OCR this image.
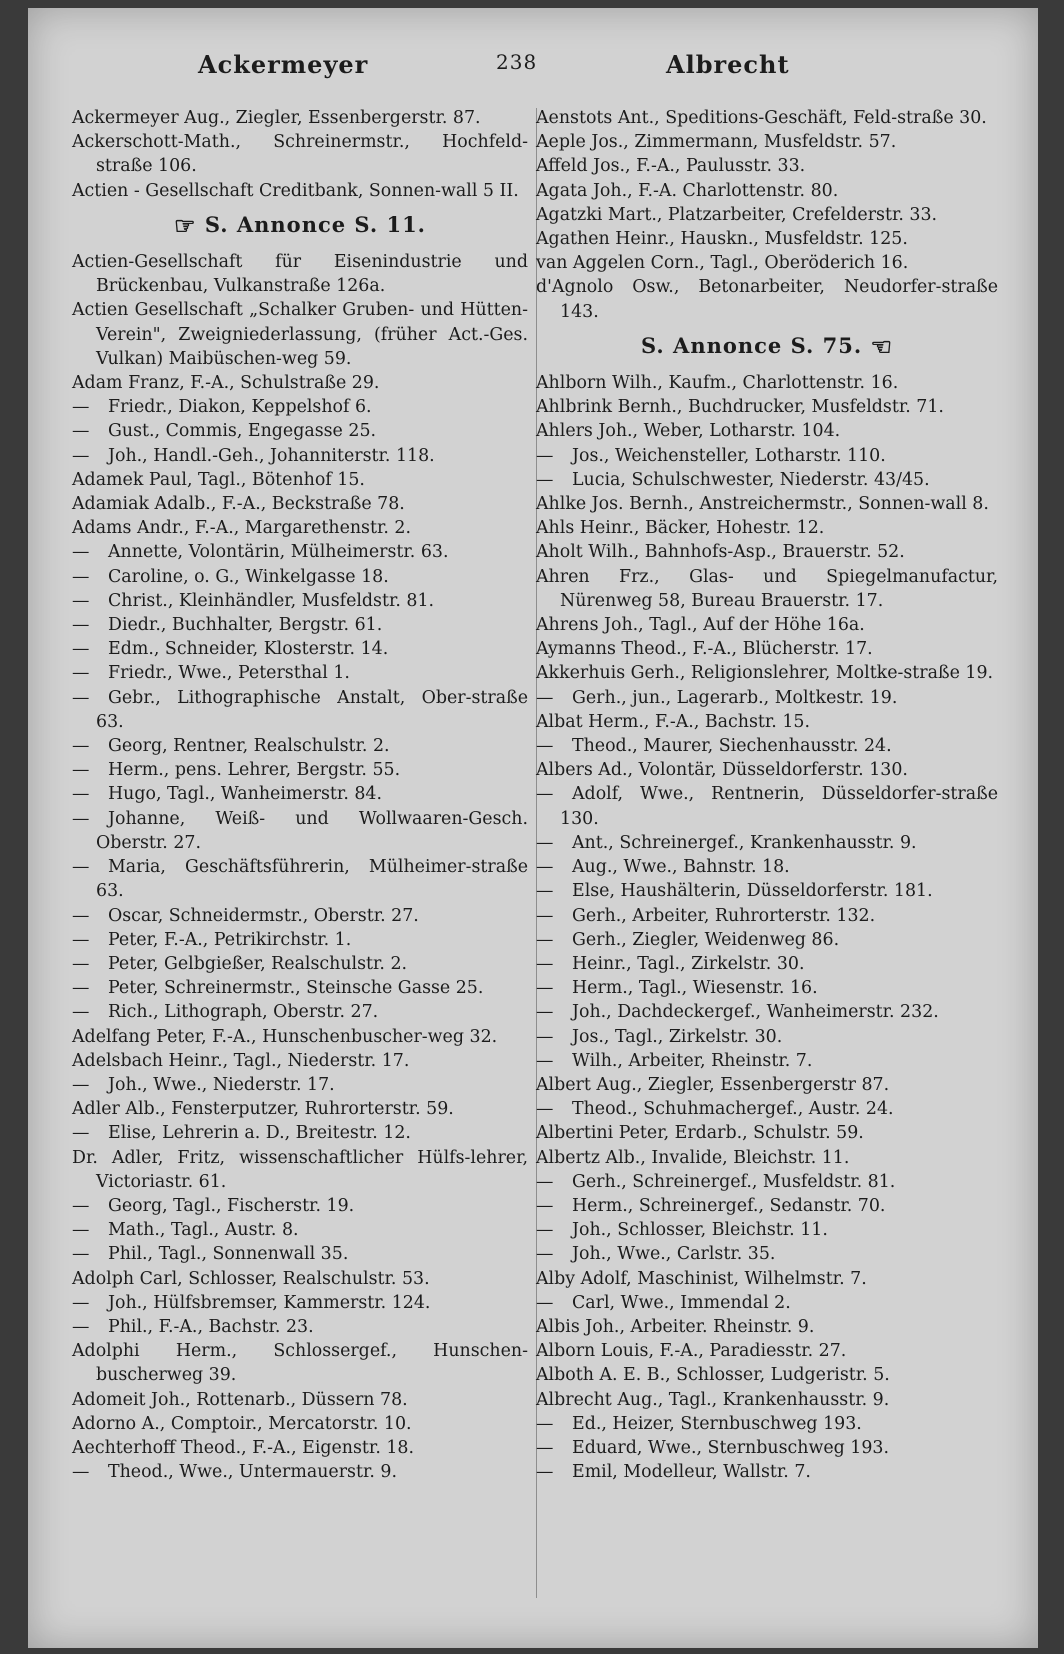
Ackermeyer	238	Albrecht

Ackermeyer Aug., Ziegler, Essenbergerstr. 87.

Ackerschott-Math., Schreinermstr., Hochfeld-straße 106.

Actien - Gesellschaft Creditbank, Sonnen-wall 5 II.

☞ S. Annonce S. 11.

Actien-Gesellschaft für Eisenindustrie und Brückenbau, Vulkanstraße 126a.

Actien Gesellschaft „Schalker Gruben- und Hütten-Verein", Zweigniederlassung, (früher Act.-Ges. Vulkan) Maibüschen-weg 59.

Adam Franz, F.-A., Schulstraße 29.

— Friedr., Diakon, Keppelshof 6.

— Gust., Commis, Engegasse 25.

— Joh., Handl.-Geh., Johanniterstr. 118.

Adamek Paul, Tagl., Bötenhof 15.

Adamiak Adalb., F.-A., Beckstraße 78.

Adams Andr., F.-A., Margarethenstr. 2.

— Annette, Volontärin, Mülheimerstr. 63.

— Caroline, o. G., Winkelgasse 18.

— Christ., Kleinhändler, Musfeldstr. 81.

— Diedr., Buchhalter, Bergstr. 61.

— Edm., Schneider, Klosterstr. 14.

— Friedr., Wwe., Petersthal 1.

— Gebr., Lithographische Anstalt, Ober-straße 63.

— Georg, Rentner, Realschulstr. 2.

— Herm., pens. Lehrer, Bergstr. 55.

— Hugo, Tagl., Wanheimerstr. 84.

— Johanne, Weiß- und Wollwaaren-Gesch. Oberstr. 27.

— Maria, Geschäftsführerin, Mülheimer-straße 63.

— Oscar, Schneidermstr., Oberstr. 27.

— Peter, F.-A., Petrikirchstr. 1.

— Peter, Gelbgießer, Realschulstr. 2.

— Peter, Schreinermstr., Steinsche Gasse 25.

— Rich., Lithograph, Oberstr. 27.

Adelfang Peter, F.-A., Hunschenbuscher-weg 32.

Adelsbach Heinr., Tagl., Niederstr. 17.

— Joh., Wwe., Niederstr. 17.

Adler Alb., Fensterputzer, Ruhrorterstr. 59.

— Elise, Lehrerin a. D., Breitestr. 12.

Dr. Adler, Fritz, wissenschaftlicher Hülfs-lehrer, Victoriastr. 61.

— Georg, Tagl., Fischerstr. 19.

— Math., Tagl., Austr. 8.

— Phil., Tagl., Sonnenwall 35.

Adolph Carl, Schlosser, Realschulstr. 53.

— Joh., Hülfsbremser, Kammerstr. 124.

— Phil., F.-A., Bachstr. 23.

Adolphi Herm., Schlossergef., Hunschen-buscherweg 39.

Adomeit Joh., Rottenarb., Düssern 78.

Adorno A., Comptoir., Mercatorstr. 10.

Aechterhoff Theod., F.-A., Eigenstr. 18.

— Theod., Wwe., Untermauerstr. 9.

Aenstots Ant., Speditions-Geschäft, Feld-straße 30.

Aeple Jos., Zimmermann, Musfeldstr. 57.

Affeld Jos., F.-A., Paulusstr. 33.

Agata Joh., F.-A. Charlottenstr. 80.

Agatzki Mart., Platzarbeiter, Crefelderstr. 33.

Agathen Heinr., Hauskn., Musfeldstr. 125.

van Aggelen Corn., Tagl., Oberöderich 16.

d'Agnolo Osw., Betonarbeiter, Neudorfer-straße 143.

S. Annonce S. 75. ☜

Ahlborn Wilh., Kaufm., Charlottenstr. 16.

Ahlbrink Bernh., Buchdrucker, Musfeldstr. 71.

Ahlers Joh., Weber, Lotharstr. 104.

— Jos., Weichensteller, Lotharstr. 110.

— Lucia, Schulschwester, Niederstr. 43/45.

Ahlke Jos. Bernh., Anstreichermstr., Sonnen-wall 8.

Ahls Heinr., Bäcker, Hohestr. 12.

Aholt Wilh., Bahnhofs-Asp., Brauerstr. 52.

Ahren Frz., Glas- und Spiegelmanufactur, Nürenweg 58, Bureau Brauerstr. 17.

Ahrens Joh., Tagl., Auf der Höhe 16a.

Aymanns Theod., F.-A., Blücherstr. 17.

Akkerhuis Gerh., Religionslehrer, Moltke-straße 19.

— Gerh., jun., Lagerarb., Moltkestr. 19.

Albat Herm., F.-A., Bachstr. 15.

— Theod., Maurer, Siechenhausstr. 24.

Albers Ad., Volontär, Düsseldorferstr. 130.

— Adolf, Wwe., Rentnerin, Düsseldorfer-straße 130.

— Ant., Schreinergef., Krankenhausstr. 9.

— Aug., Wwe., Bahnstr. 18.

— Else, Haushälterin, Düsseldorferstr. 181.

— Gerh., Arbeiter, Ruhrorterstr. 132.

— Gerh., Ziegler, Weidenweg 86.

— Heinr., Tagl., Zirkelstr. 30.

— Herm., Tagl., Wiesenstr. 16.

— Joh., Dachdeckergef., Wanheimerstr. 232.

— Jos., Tagl., Zirkelstr. 30.

— Wilh., Arbeiter, Rheinstr. 7.

Albert Aug., Ziegler, Essenbergerstr 87.

— Theod., Schuhmachergef., Austr. 24.

Albertini Peter, Erdarb., Schulstr. 59.

Albertz Alb., Invalide, Bleichstr. 11.

— Gerh., Schreinergef., Musfeldstr. 81.

— Herm., Schreinergef., Sedanstr. 70.

— Joh., Schlosser, Bleichstr. 11.

— Joh., Wwe., Carlstr. 35.

Alby Adolf, Maschinist, Wilhelmstr. 7.

— Carl, Wwe., Immendal 2.

Albis Joh., Arbeiter. Rheinstr. 9.

Alborn Louis, F.-A., Paradiesstr. 27.

Alboth A. E. B., Schlosser, Ludgeristr. 5.

Albrecht Aug., Tagl., Krankenhausstr. 9.

— Ed., Heizer, Sternbuschweg 193.

— Eduard, Wwe., Sternbuschweg 193.

— Emil, Modelleur, Wallstr. 7.
